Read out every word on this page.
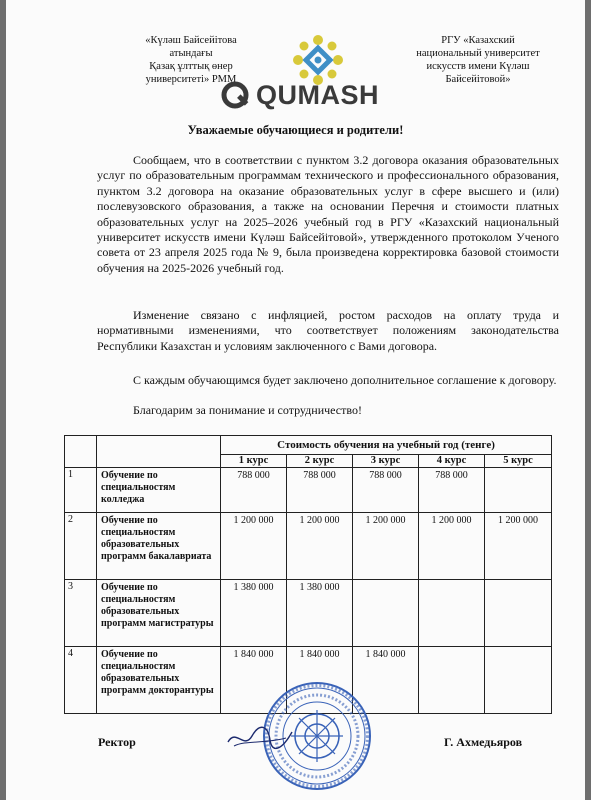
«Күләш Байсейітова
атындағы
Қазақ ұлттық өнер
университеті» РММ
РГУ «Казахский
национальный университет
искусств имени Күләш
Байсейітовой»
QUMASH
Уважаемые обучающиеся и родители!

Сообщаем, что в соответствии с пунктом 3.2 договора оказания образовательных услуг по образовательным программам технического и профессионального образования, пунктом 3.2 договора на оказание образовательных услуг в сфере высшего и (или) послевузовского образования, а также на основании Перечня и стоимости платных образовательных услуг на 2025–2026 учебный год в РГУ «Казахский национальный университет искусств имени Күләш Байсейітовой», утвержденного протоколом Ученого совета от 23 апреля 2025 года № 9, была произведена корректировка базовой стоимости обучения на 2025-2026 учебный год.

Изменение связано с инфляцией, ростом расходов на оплату труда и нормативными изменениями, что соответствует положениям законодательства Республики Казахстан и условиям заключенного с Вами договора.

С каждым обучающимся будет заключено дополнительное соглашение к договору.

Благодарим за понимание и сотрудничество!

		Стоимость обучения на учебный год (тенге)				
		1 курс	2 курс	3 курс	4 курс	5 курс
1	Обучение по специальностям колледжа	788 000	788 000	788 000	788 000	
2	Обучение по специальностям образовательных программ бакалавриата	1 200 000	1 200 000	1 200 000	1 200 000	1 200 000
3	Обучение по специальностям образовательных программ магистратуры	1 380 000	1 380 000			
4	Обучение по специальностям образовательных программ докторантуры	1 840 000	1 840 000	1 840 000		
Ректор	Г. Ахмедьяров
